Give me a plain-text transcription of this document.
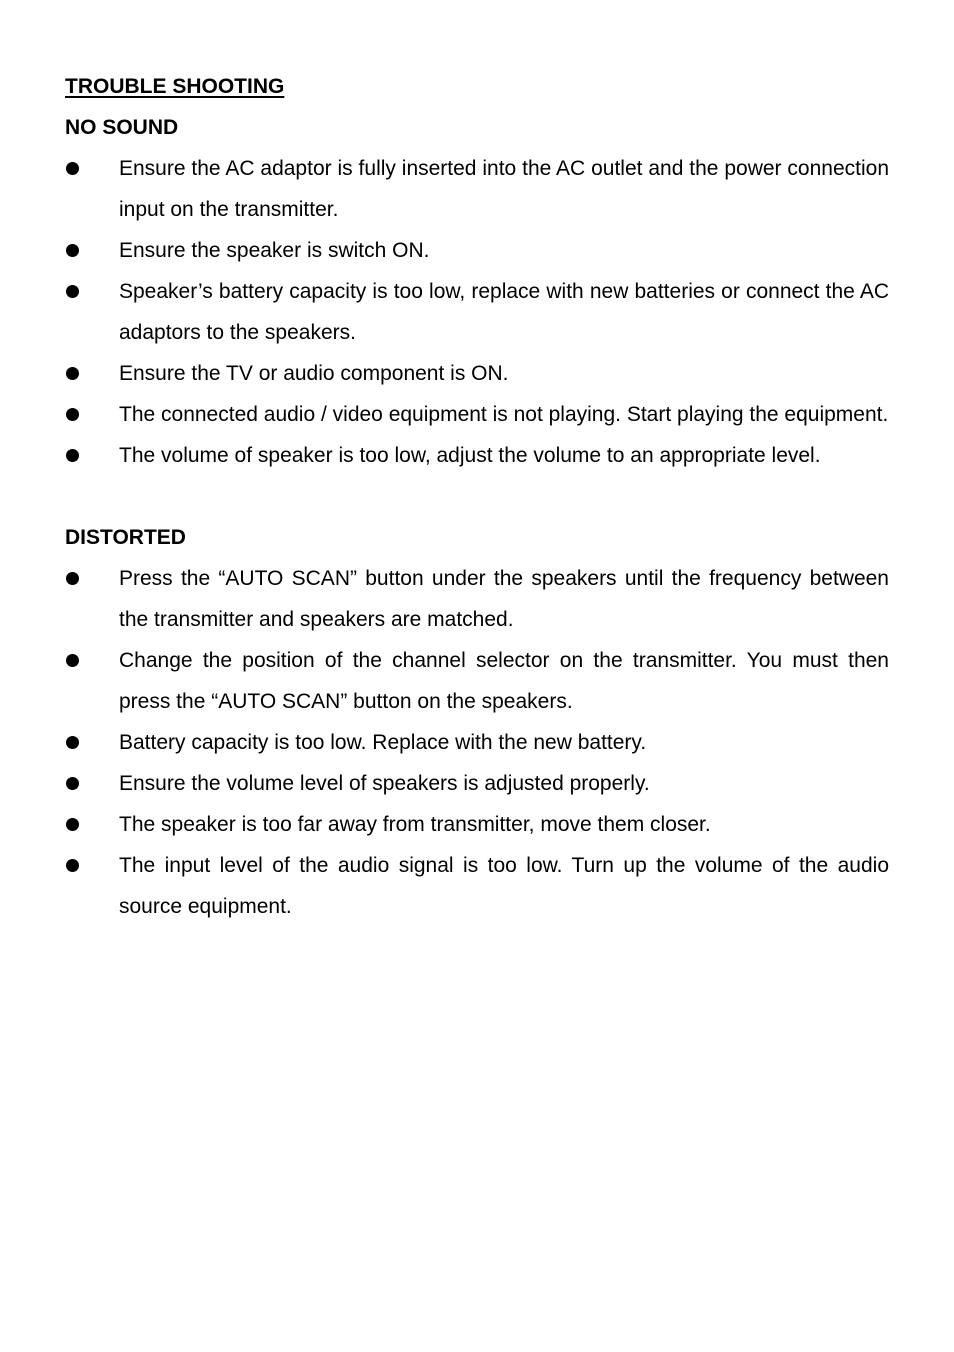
TROUBLE SHOOTING
NO SOUND
Ensure the AC adaptor is fully inserted into the AC outlet and the power connection input on the transmitter.
Ensure the speaker is switch ON.
Speaker’s battery capacity is too low, replace with new batteries or connect the AC adaptors to the speakers.
Ensure the TV or audio component is ON.
The connected audio / video equipment is not playing. Start playing the equipment.
The volume of speaker is too low, adjust the volume to an appropriate level.
DISTORTED
Press the “AUTO SCAN” button under the speakers until the frequency between the transmitter and speakers are matched.
Change the position of the channel selector on the transmitter. You must then press the “AUTO SCAN” button on the speakers.
Battery capacity is too low. Replace with the new battery.
Ensure the volume level of speakers is adjusted properly.
The speaker is too far away from transmitter, move them closer.
The input level of the audio signal is too low. Turn up the volume of the audio source equipment.
